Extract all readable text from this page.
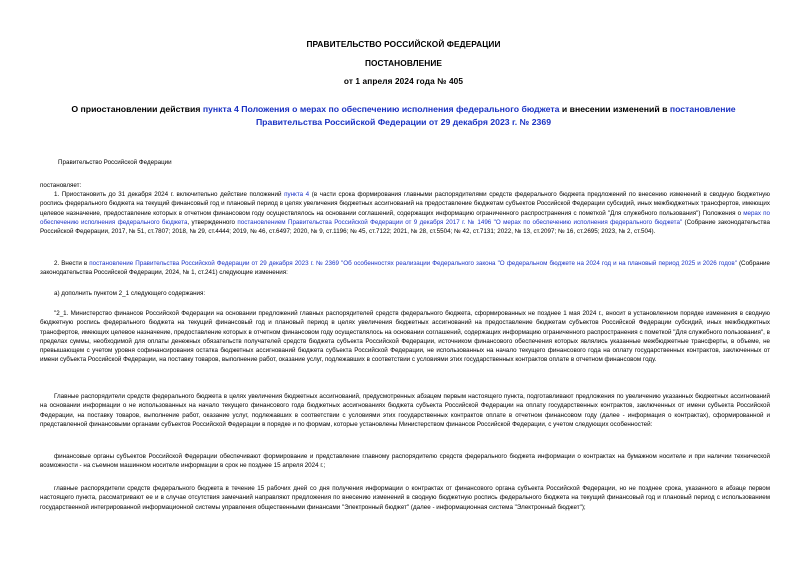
ПРАВИТЕЛЬСТВО РОССИЙСКОЙ ФЕДЕРАЦИИ
ПОСТАНОВЛЕНИЕ
от 1 апреля 2024 года № 405
О приостановлении действия пункта 4 Положения о мерах по обеспечению исполнения федерального бюджета и внесении изменений в постановление Правительства Российской Федерации от 29 декабря 2023 г. № 2369
Правительство Российской Федерации
постановляет:
1. Приостановить до 31 декабря 2024 г. включительно действие положений пункта 4 (в части срока формирования главными распорядителями средств федерального бюджета предложений по внесению изменений в сводную бюджетную роспись федерального бюджета на текущий финансовый год и плановый период в целях увеличения бюджетных ассигнований на предоставление бюджетам субъектов Российской Федерации субсидий, иных межбюджетных трансфертов, имеющих целевое назначение, предоставление которых в отчетном финансовом году осуществлялось на основании соглашений, содержащих информацию ограниченного распространения с пометкой "Для служебного пользования") Положения о мерах по обеспечению исполнения федерального бюджета, утвержденного постановлением Правительства Российской Федерации от 9 декабря 2017 г. № 1496 "О мерах по обеспечению исполнения федерального бюджета" (Собрание законодательства Российской Федерации, 2017, № 51, ст.7807; 2018, № 29, ст.4444; 2019, № 46, ст.6497; 2020, № 9, ст.1196; № 45, ст.7122; 2021, № 28, ст.5504; № 42, ст.7131; 2022, № 13, ст.2097; № 16, ст.2695; 2023, № 2, ст.504).
2. Внести в постановление Правительства Российской Федерации от 29 декабря 2023 г. № 2369 "Об особенностях реализации Федерального закона "О федеральном бюджете на 2024 год и на плановый период 2025 и 2026 годов" (Собрание законодательства Российской Федерации, 2024, № 1, ст.241) следующие изменения:
а) дополнить пунктом 2_1 следующего содержания:
"2_1. Министерство финансов Российской Федерации на основании предложений главных распорядителей средств федерального бюджета, сформированных не позднее 1 мая 2024 г., вносит в установленном порядке изменения в сводную бюджетную роспись федерального бюджета на текущий финансовый год и плановый период в целях увеличения бюджетных ассигнований на предоставление бюджетам субъектов Российской Федерации субсидий, иных межбюджетных трансфертов, имеющих целевое назначение, предоставление которых в отчетном финансовом году осуществлялось на основании соглашений, содержащих информацию ограниченного распространения с пометкой "Для служебного пользования", в пределах суммы, необходимой для оплаты денежных обязательств получателей средств бюджета субъекта Российской Федерации, источником финансового обеспечения которых являлись указанные межбюджетные трансферты, в объеме, не превышающем с учетом уровня софинансирования остатка бюджетных ассигнований бюджета субъекта Российской Федерации, не использованных на начало текущего финансового года на оплату государственных контрактов, заключенных от имени субъекта Российской Федерации, на поставку товаров, выполнение работ, оказание услуг, подлежавших в соответствии с условиями этих государственных контрактов оплате в отчетном финансовом году.
Главные распорядители средств федерального бюджета в целях увеличения бюджетных ассигнований, предусмотренных абзацем первым настоящего пункта, подготавливают предложения по увеличению указанных бюджетных ассигнований на основании информации о не использованных на начало текущего финансового года бюджетных ассигнованиях бюджета субъекта Российской Федерации на оплату государственных контрактов, заключенных от имени субъекта Российской Федерации, на поставку товаров, выполнение работ, оказание услуг, подлежавших в соответствии с условиями этих государственных контрактов оплате в отчетном финансовом году (далее - информация о контрактах), сформированной и представленной финансовыми органами субъектов Российской Федерации в порядке и по формам, которые установлены Министерством финансов Российской Федерации, с учетом следующих особенностей:
финансовые органы субъектов Российской Федерации обеспечивают формирование и представление главному распорядителю средств федерального бюджета информации о контрактах на бумажном носителе и при наличии технической возможности - на съемном машинном носителе информации в срок не позднее 15 апреля 2024 г.;
главные распорядители средств федерального бюджета в течение 15 рабочих дней со дня получения информации о контрактах от финансового органа субъекта Российской Федерации, но не позднее срока, указанного в абзаце первом настоящего пункта, рассматривают ее и в случае отсутствия замечаний направляют предложения по внесению изменений в сводную бюджетную роспись федерального бюджета на текущий финансовый год и плановый период с использованием государственной интегрированной информационной системы управления общественными финансами "Электронный бюджет" (далее - информационная система "Электронный бюджет");
